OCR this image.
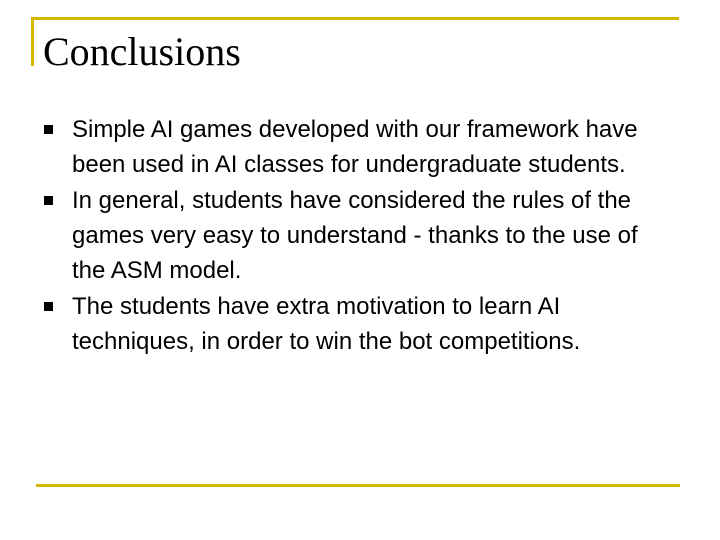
Conclusions
Simple AI games developed with our framework have been used in AI classes for undergraduate students.
In general, students have considered the rules of the games very easy to understand - thanks to the use of the ASM model.
The students have extra motivation to learn AI techniques, in order to win the bot competitions.
